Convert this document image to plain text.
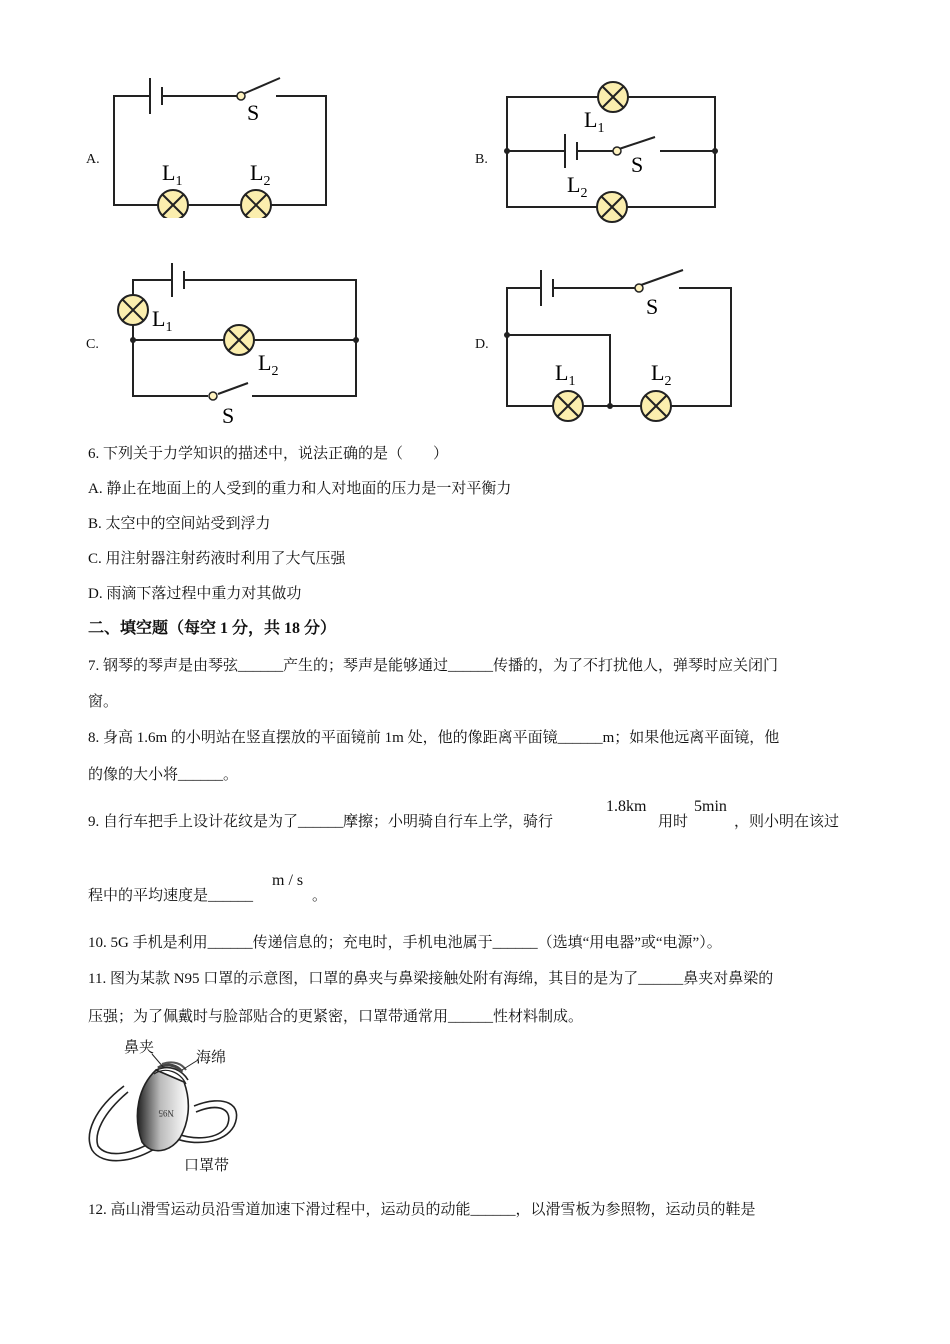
A.
S
$L_1$	$L_2$
B.	S
$L_1$
$L_2$
C.
S
$L_1$
$L_2$
D.
S
$L_1$	$L_2$
6. 下列关于力学知识的描述中，说法正确的是（　　）
A. 静止在地面上的人受到的重力和人对地面的压力是一对平衡力
B. 太空中的空间站受到浮力
C. 用注射器注射药液时利用了大气压强
D. 雨滴下落过程中重力对其做功
二、填空题（每空 1 分，共 18 分）
7. 钢琴的琴声是由琴弦______产生的；琴声是能够通过______传播的，为了不打扰他人，弹琴时应关闭门
窗。
8. 身高 1.6m 的小明站在竖直摆放的平面镜前 1m 处，他的像距离平面镜______m；如果他远离平面镜，他
的像的大小将______。
9. 自行车把手上设计花纹是为了______摩擦；小明骑自行车上学，骑行
1.8km
用时
5min
，则小明在该过
程中的平均速度是______
m / s
。
10. 5G 手机是利用______传递信息的；充电时，手机电池属于______（选填“用电器”或“电源”）。
11. 图为某款 N95 口罩的示意图，口罩的鼻夹与鼻梁接触处附有海绵，其目的是为了______鼻夹对鼻梁的
压强；为了佩戴时与脸部贴合的更紧密，口罩带通常用______性材料制成。
N95
鼻夹
海绵
口罩带
12. 高山滑雪运动员沿雪道加速下滑过程中，运动员的动能______，以滑雪板为参照物，运动员的鞋是
